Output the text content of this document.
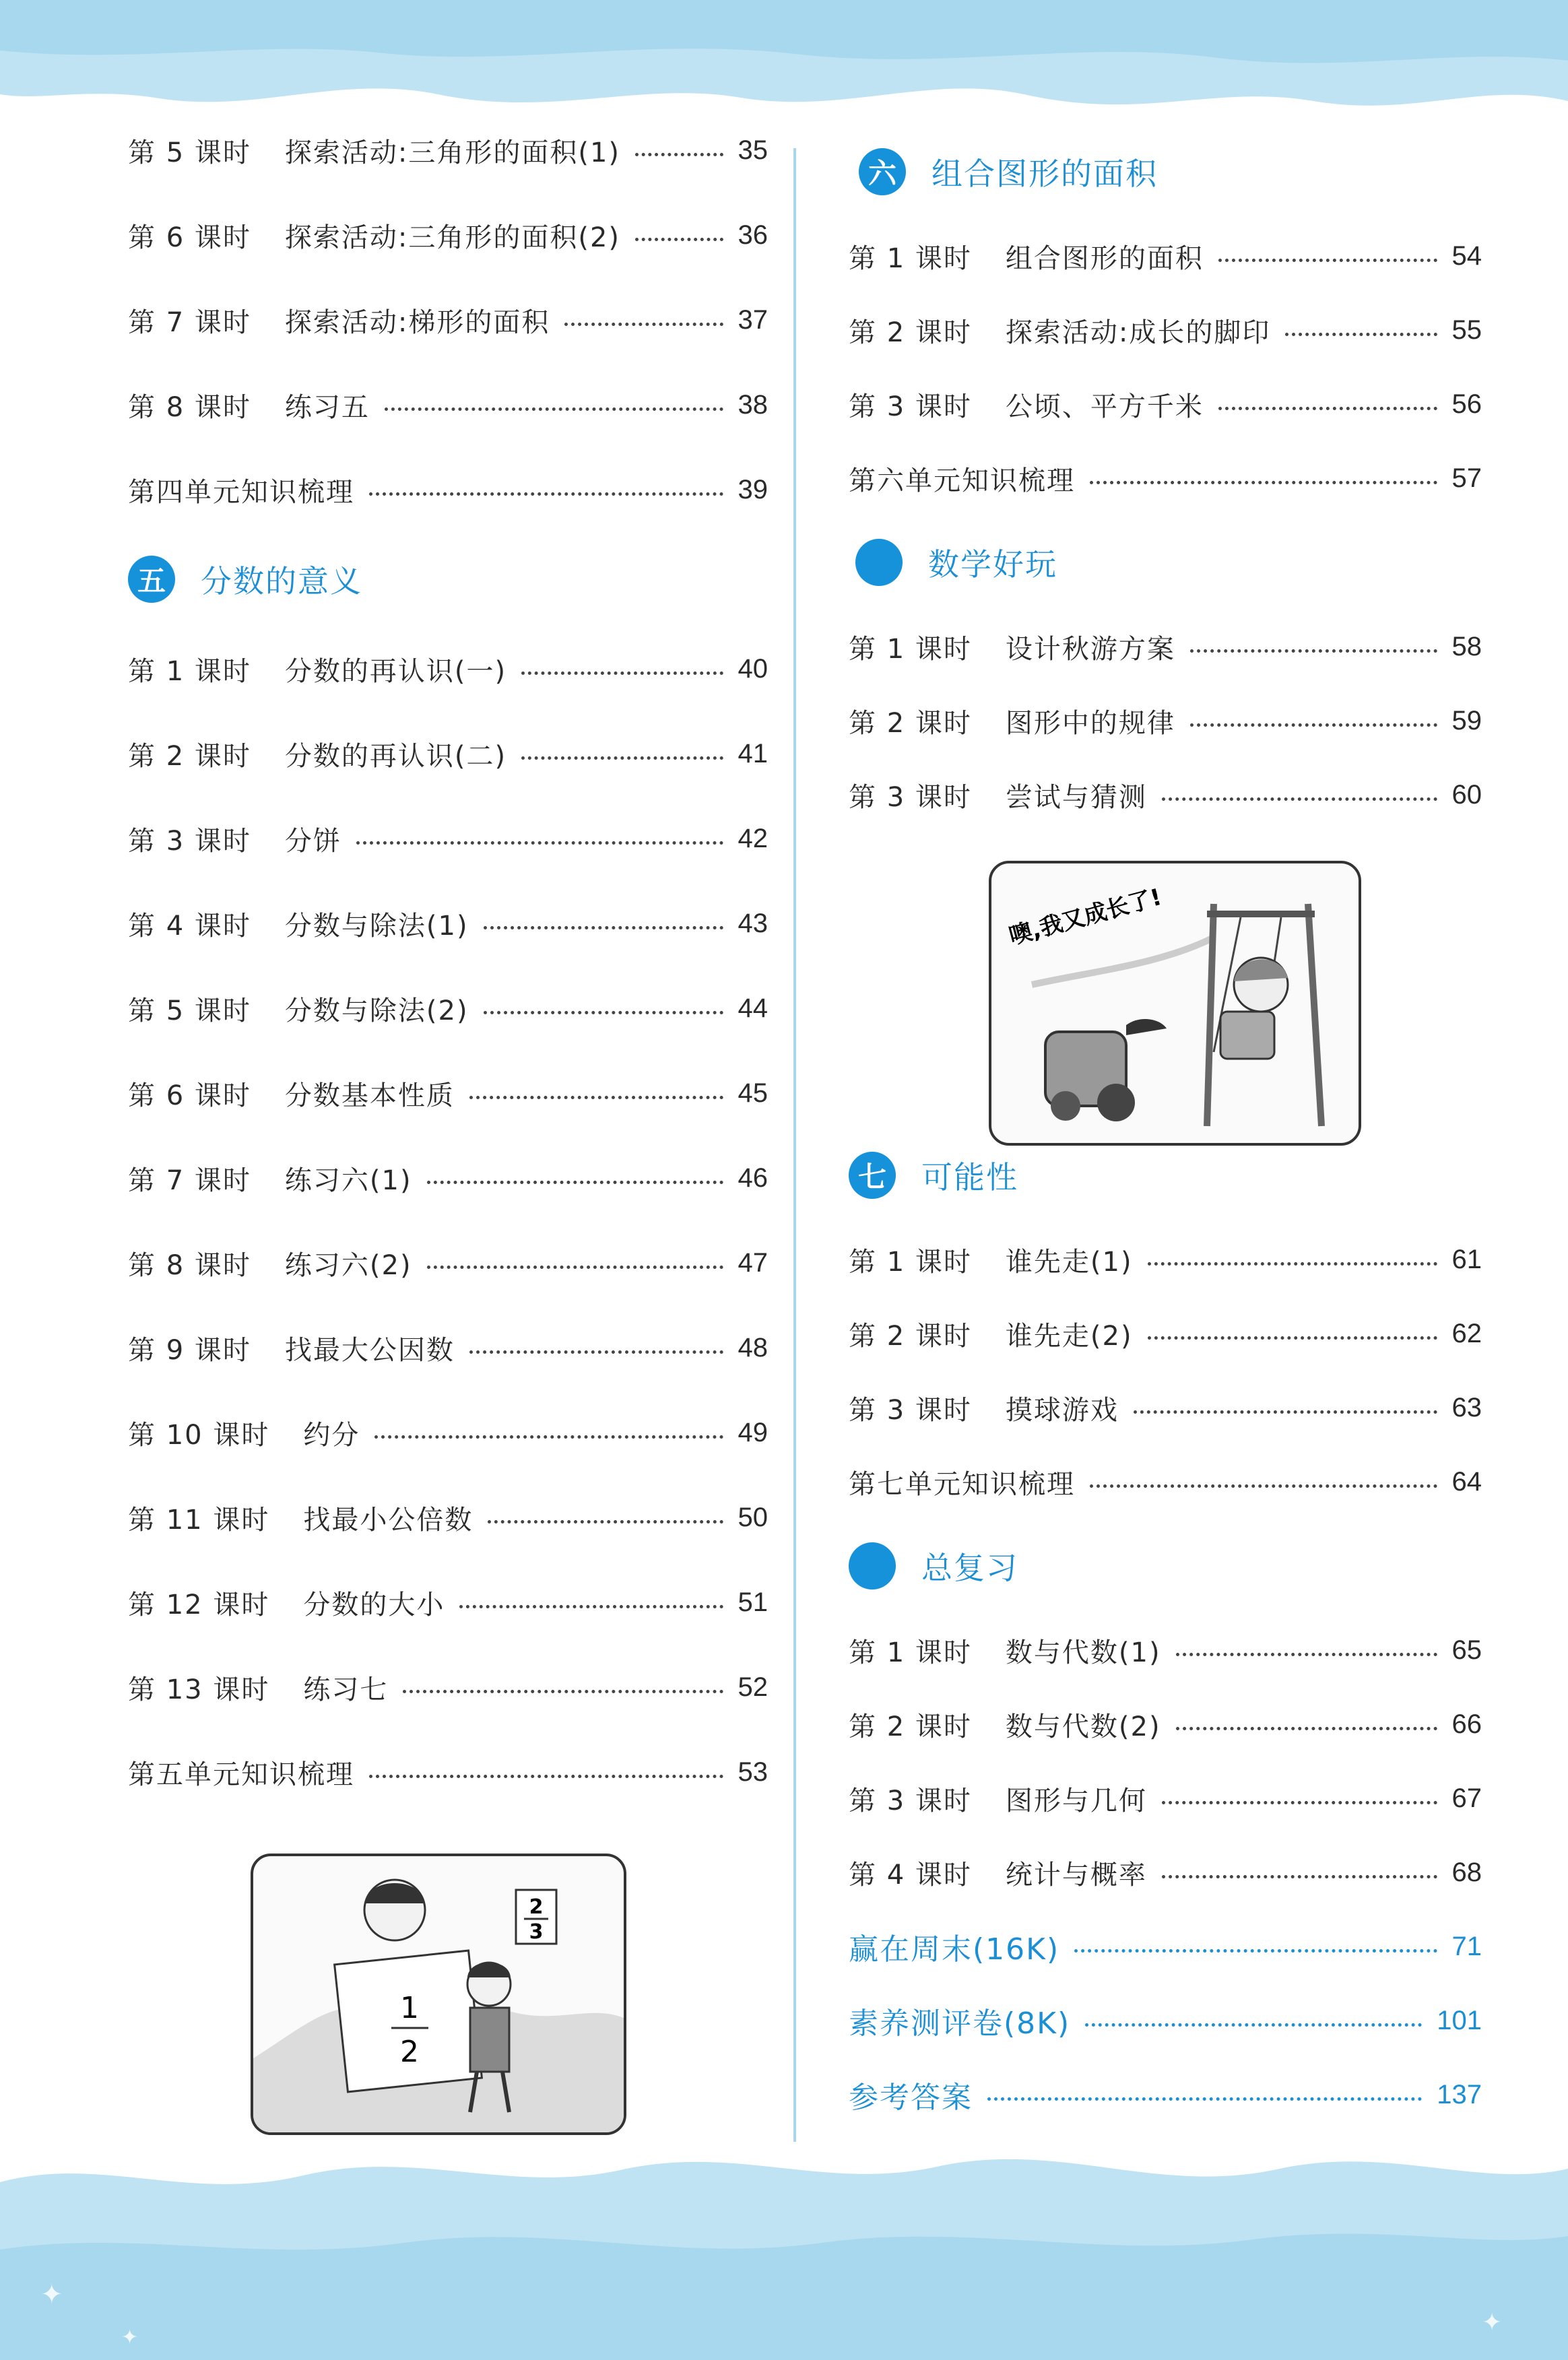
✦
✦
✦
第 5 课时 探索活动:三角形的面积(1)	35
第 6 课时 探索活动:三角形的面积(2)	36
第 7 课时 探索活动:梯形的面积	37
第 8 课时 练习五	38
第四单元知识梳理	39
五	分数的意义
第 1 课时 分数的再认识(一)	40
第 2 课时 分数的再认识(二)	41
第 3 课时 分饼	42
第 4 课时 分数与除法(1)	43
第 5 课时 分数与除法(2)	44
第 6 课时 分数基本性质	45
第 7 课时 练习六(1)	46
第 8 课时 练习六(2)	47
第 9 课时 找最大公因数	48
第 10 课时 约分	49
第 11 课时 找最小公倍数	50
第 12 课时 分数的大小	51
第 13 课时 练习七	52
第五单元知识梳理	53
2
3
1
2
六	组合图形的面积
第 1 课时 组合图形的面积	54
第 2 课时 探索活动:成长的脚印	55
第 3 课时 公顷、平方千米	56
第六单元知识梳理	57
数学好玩
第 1 课时 设计秋游方案	58
第 2 课时 图形中的规律	59
第 3 课时 尝试与猜测	60
七	可能性
第 1 课时 谁先走(1)	61
第 2 课时 谁先走(2)	62
第 3 课时 摸球游戏	63
第七单元知识梳理	64
总复习
第 1 课时 数与代数(1)	65
第 2 课时 数与代数(2)	66
第 3 课时 图形与几何	67
第 4 课时 统计与概率	68
赢在周末(16K)	71
素养测评卷(8K)	101
参考答案	137
噢,我又成长了!
